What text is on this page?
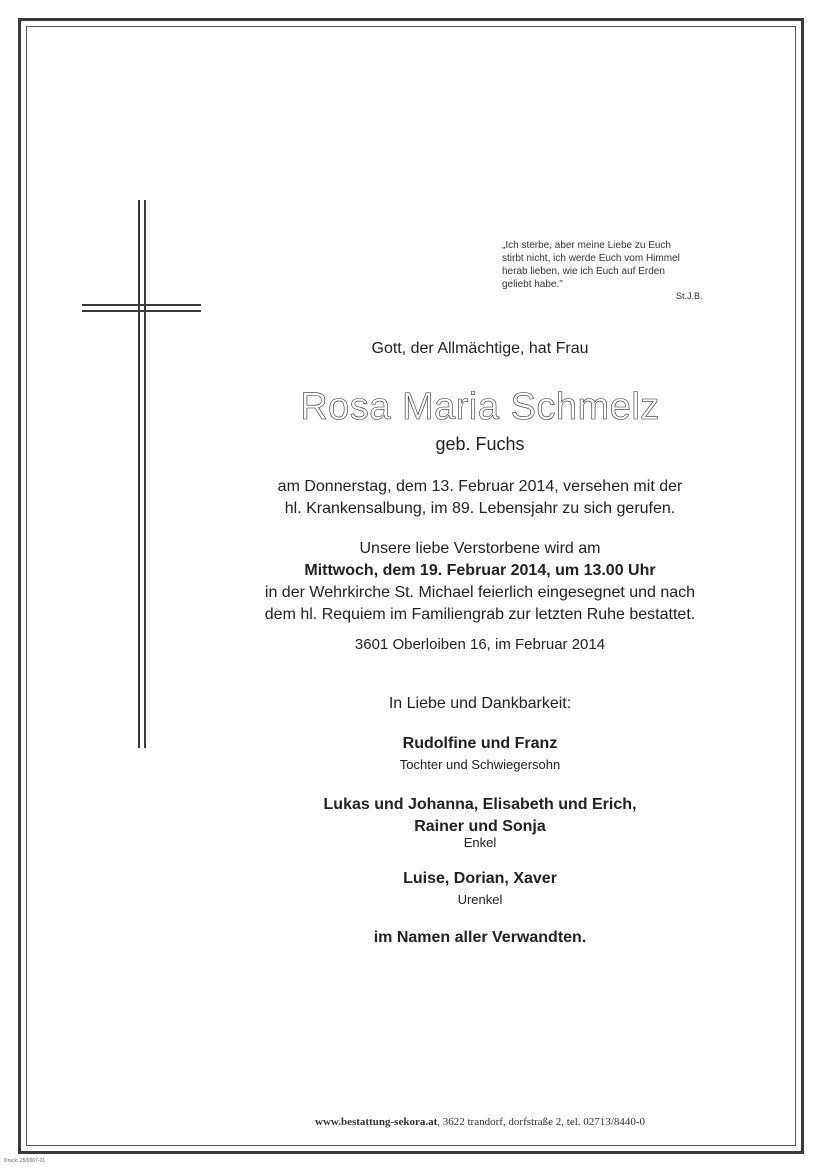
„Ich sterbe, aber meine Liebe zu Euch
stirbt nicht, ich werde Euch vom Himmel
herab lieben, wie ich Euch auf Erden
geliebt habe."
St.J.B.
Gott, der Allmächtige, hat Frau
Rosa Maria Schmelz
geb. Fuchs
am Donnerstag, dem 13. Februar 2014, versehen mit der
hl. Krankensalbung, im 89. Lebensjahr zu sich gerufen.
Unsere liebe Verstorbene wird am
Mittwoch, dem 19. Februar 2014, um 13.00 Uhr
in der Wehrkirche St. Michael feierlich eingesegnet und nach
dem hl. Requiem im Familiengrab zur letzten Ruhe bestattet.
3601 Oberloiben 16, im Februar 2014
In Liebe und Dankbarkeit:
Rudolfine und Franz
Tochter und Schwiegersohn
Lukas und Johanna, Elisabeth und Erich,
Rainer und Sonja
Enkel
Luise, Dorian, Xaver
Urenkel
im Namen aller Verwandten.
www.bestattung-sekora.at, 3622 trandorf, dorfstraße 2, tel. 02713/8440-0
Druck: 25/0007-01
